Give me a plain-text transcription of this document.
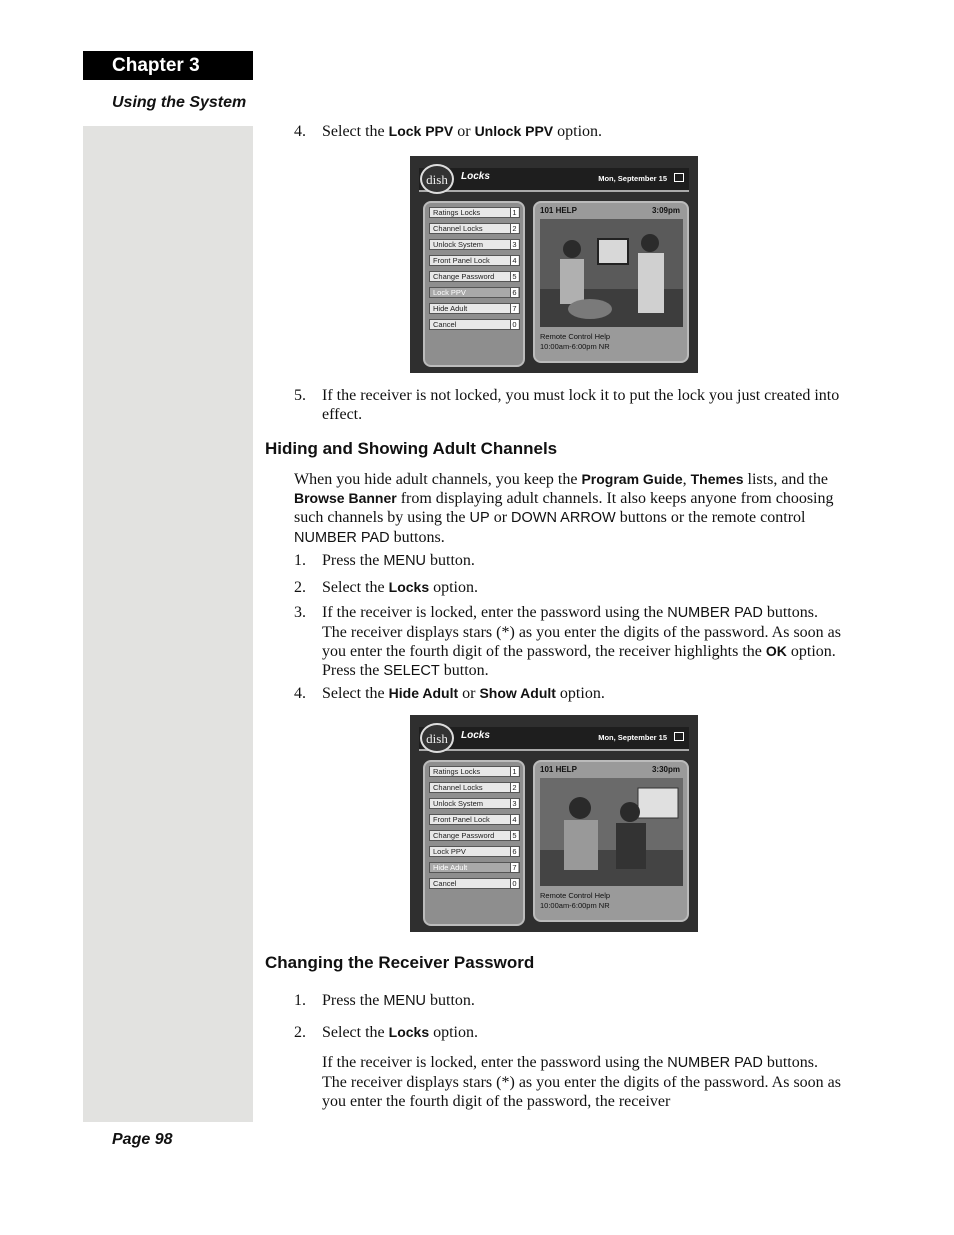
Chapter 3
Using the System
Page 98
4.	Select the Lock PPV or Unlock PPV option.
dish	Locks	Mon, September 15
Ratings Locks	1
Channel Locks	2
Unlock System	3
Front Panel Lock	4
Change Password	5
Lock PPV	6
Hide Adult	7
Cancel	0
101 HELP	3:09pm
Remote Control Help
10:00am-6:00pm NR
5.	If the receiver is not locked, you must lock it to put the lock you just created into effect.
Hiding and Showing Adult Channels
When you hide adult channels, you keep the Program Guide, Themes lists, and the Browse Banner from displaying adult channels. It also keeps anyone from choosing such channels by using the UP or DOWN ARROW buttons or the remote control NUMBER PAD buttons.
1.	Press the MENU button.
2.	Select the Locks option.
3.	If the receiver is locked, enter the password using the NUMBER PAD buttons. The receiver displays stars (*) as you enter the digits of the password. As soon as you enter the fourth digit of the password, the receiver highlights the OK option. Press the SELECT button.
4.	Select the Hide Adult or Show Adult option.
dish	Locks	Mon, September 15
Ratings Locks	1
Channel Locks	2
Unlock System	3
Front Panel Lock	4
Change Password	5
Lock PPV	6
Hide Adult	7
Cancel	0
101 HELP	3:30pm
Remote Control Help
10:00am-6:00pm NR
Changing the Receiver Password
1.	Press the MENU button.
2.	Select the Locks option.
If the receiver is locked, enter the password using the NUMBER PAD buttons. The receiver displays stars (*) as you enter the digits of the password. As soon as you enter the fourth digit of the password, the receiver
